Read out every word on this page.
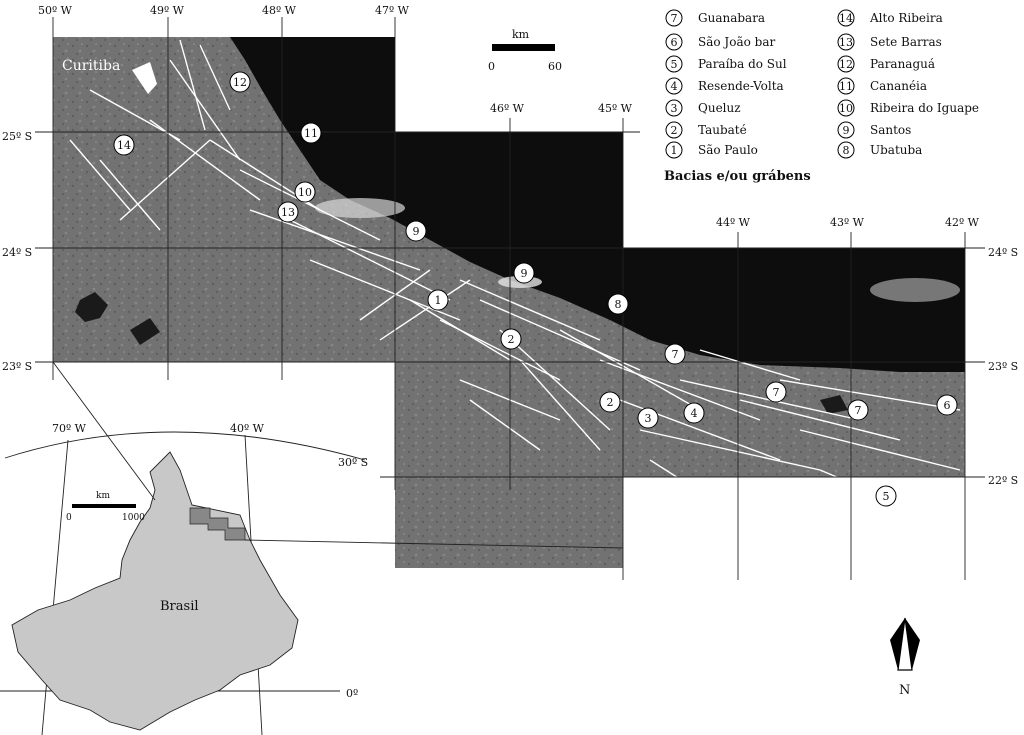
50º W	49º W	48º W	47º W
46º W	45º W
44º W	43º W	42º W
25º S
24º S
23º S
24º S
23º S
22º S
Curitiba
1
2
2
3	4
5
6
7
7
7
8
9
9
10
11
12
13
14
km
0	60
7 Guanabara
6 São João bar
5 Paraíba do Sul
4 Resende-Volta
3 Queluz
2 Taubaté
1 São Paulo
14 Alto Ribeira
13 Sete Barras
12 Paranaguá
11 Cananéia
10 Ribeira do Iguape
9 Santos
8 Ubatuba
Bacias e/ou grábens
70º W	40º W
30º S
0º
km
0	1000
Brasil
N
